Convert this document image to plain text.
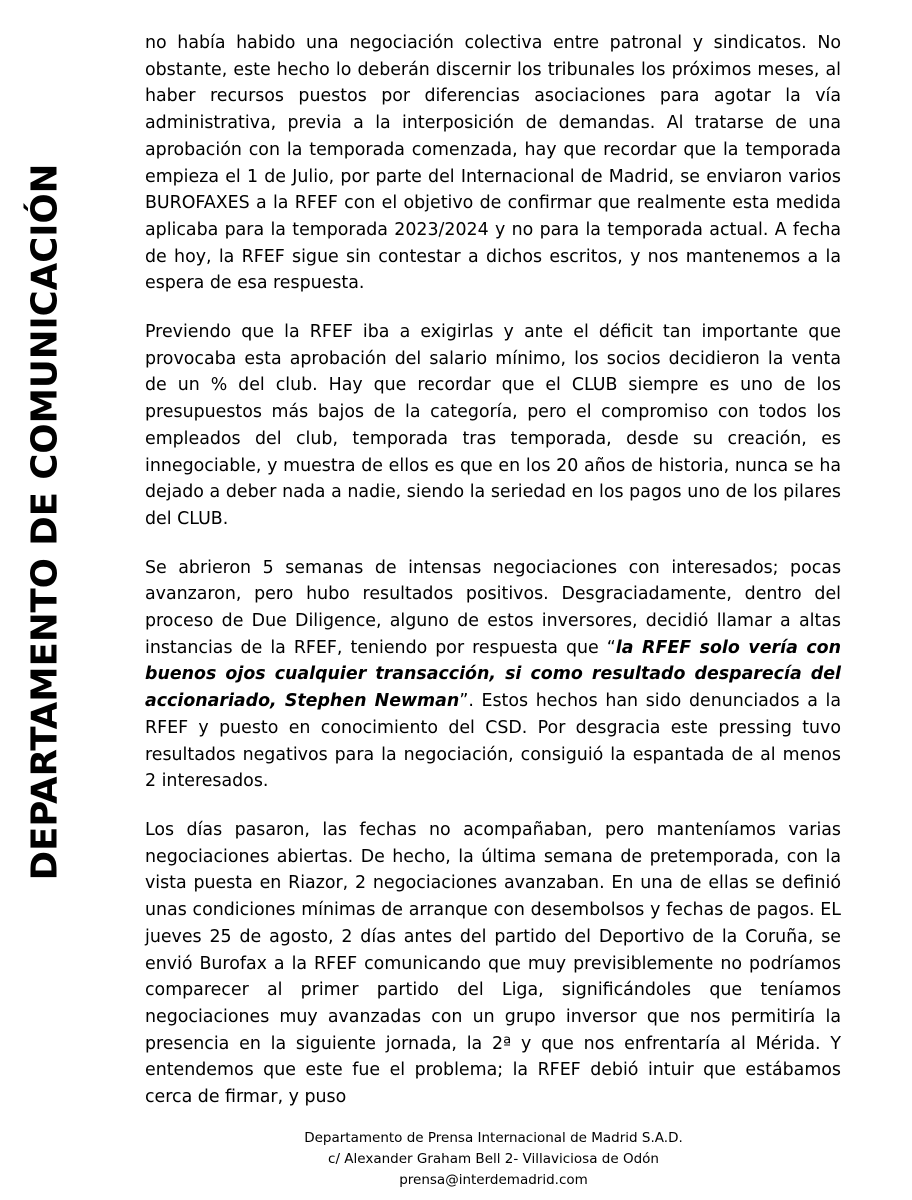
DEPARTAMENTO DE COMUNICACIÓN

no había habido una negociación colectiva entre patronal y sindicatos. No obstante, este hecho lo deberán discernir los tribunales los próximos meses, al haber recursos puestos por diferencias asociaciones para agotar la vía administrativa, previa a la interposición de demandas. Al tratarse de una aprobación con la temporada comenzada, hay que recordar que la temporada empieza el 1 de Julio, por parte del Internacional de Madrid, se enviaron varios BUROFAXES a la RFEF con el objetivo de confirmar que realmente esta medida aplicaba para la temporada 2023/2024 y no para la temporada actual. A fecha de hoy, la RFEF sigue sin contestar a dichos escritos, y nos mantenemos a la espera de esa respuesta.

Previendo que la RFEF iba a exigirlas y ante el déficit tan importante que provocaba esta aprobación del salario mínimo, los socios decidieron la venta de un % del club. Hay que recordar que el CLUB siempre es uno de los presupuestos más bajos de la categoría, pero el compromiso con todos los empleados del club, temporada tras temporada, desde su creación, es innegociable, y muestra de ellos es que en los 20 años de historia, nunca se ha dejado a deber nada a nadie, siendo la seriedad en los pagos uno de los pilares del CLUB.

Se abrieron 5 semanas de intensas negociaciones con interesados; pocas avanzaron, pero hubo resultados positivos. Desgraciadamente, dentro del proceso de Due Diligence, alguno de estos inversores, decidió llamar a altas instancias de la RFEF, teniendo por respuesta que “la RFEF solo vería con buenos ojos cualquier transacción, si como resultado desparecía del accionariado, Stephen Newman”. Estos hechos han sido denunciados a la RFEF y puesto en conocimiento del CSD. Por desgracia este pressing tuvo resultados negativos para la negociación, consiguió la espantada de al menos 2 interesados.

Los días pasaron, las fechas no acompañaban, pero manteníamos varias negociaciones abiertas. De hecho, la última semana de pretemporada, con la vista puesta en Riazor, 2 negociaciones avanzaban. En una de ellas se definió unas condiciones mínimas de arranque con desembolsos y fechas de pagos. EL jueves 25 de agosto, 2 días antes del partido del Deportivo de la Coruña, se envió Burofax a la RFEF comunicando que muy previsiblemente no podríamos comparecer al primer partido del Liga, significándoles que teníamos negociaciones muy avanzadas con un grupo inversor que nos permitiría la presencia en la siguiente jornada, la 2ª y que nos enfrentaría al Mérida. Y entendemos que este fue el problema; la RFEF debió intuir que estábamos cerca de firmar, y puso

Departamento de Prensa Internacional de Madrid S.A.D.
c/ Alexander Graham Bell 2- Villaviciosa de Odón
prensa@interdemadrid.com
